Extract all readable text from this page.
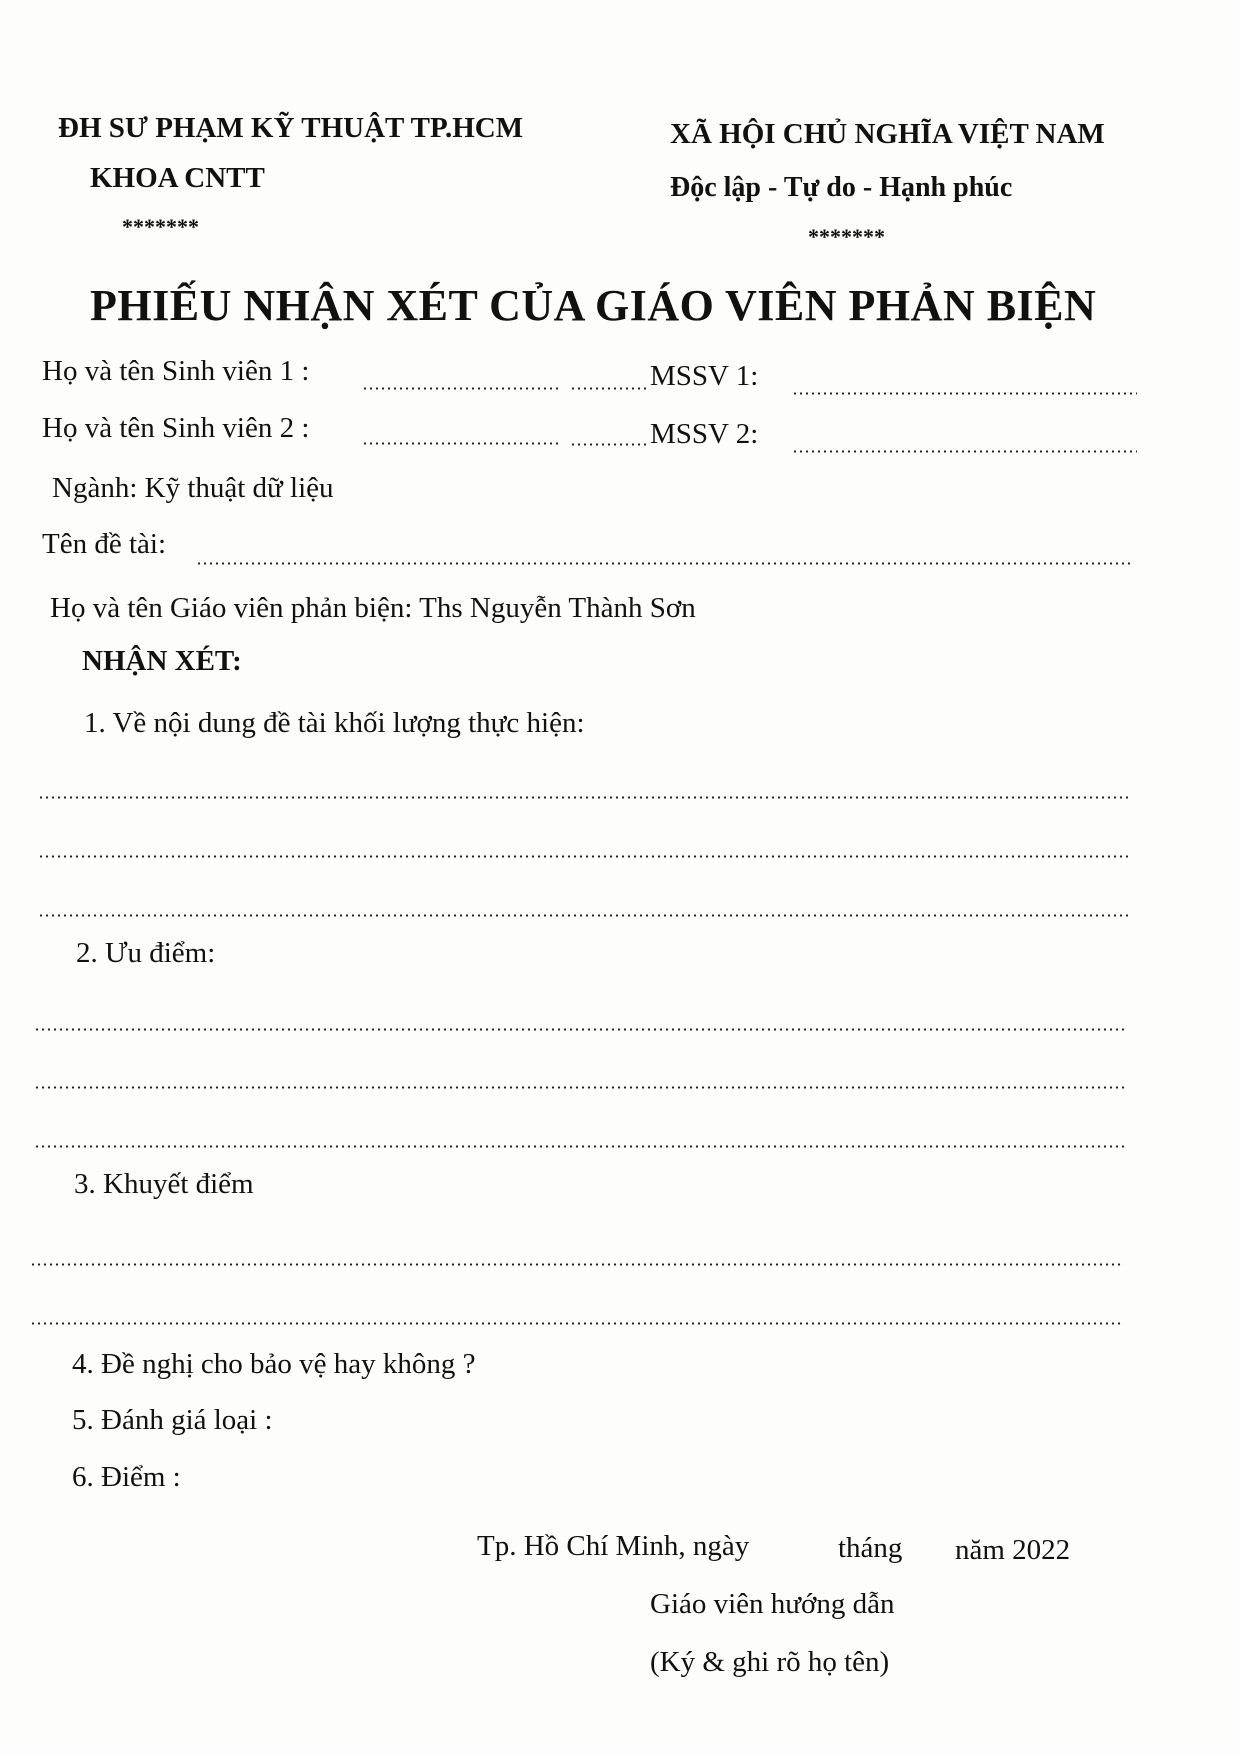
ĐH SƯ PHẠM KỸ THUẬT TP.HCM
KHOA CNTT
*******
XÃ HỘI CHỦ NGHĨA VIỆT NAM
Độc lập - Tự do - Hạnh phúc
*******
PHIẾU NHẬN XÉT CỦA GIÁO VIÊN PHẢN BIỆN
Họ và tên Sinh viên 1 :	MSSV 1:
Họ và tên Sinh viên 2 :	MSSV 2:
Ngành: Kỹ thuật dữ liệu
Tên đề tài:
Họ và tên Giáo viên phản biện: Ths Nguyễn Thành Sơn
NHẬN XÉT:
1. Về nội dung đề tài khối lượng thực hiện:
2. Ưu điểm:
3. Khuyết điểm
4. Đề nghị cho bảo vệ hay không ?
5. Đánh giá loại :
6. Điểm :
Tp. Hồ Chí Minh, ngày	tháng năm 2022
Giáo viên hướng dẫn
(Ký & ghi rõ họ tên)
